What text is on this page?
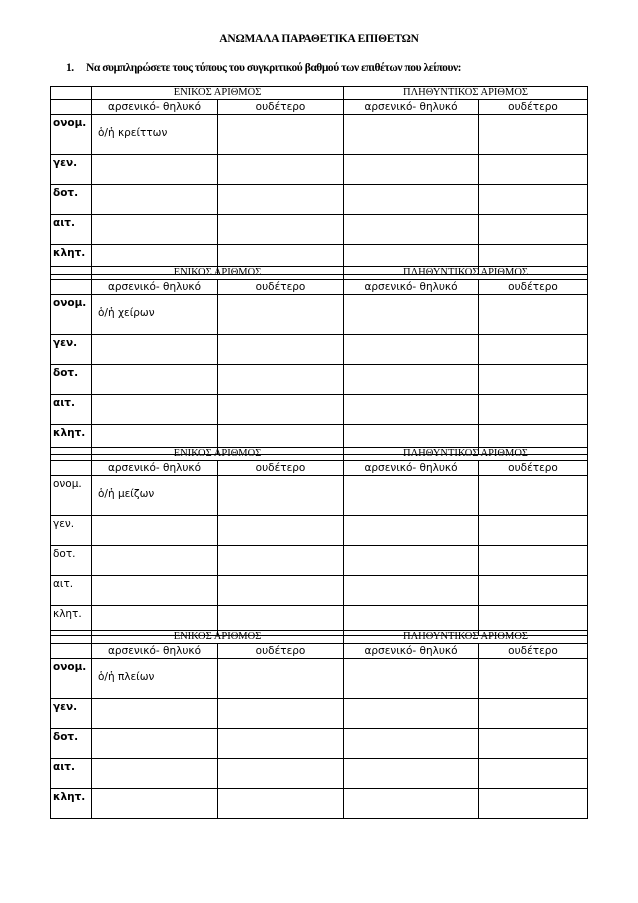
ΑΝΩΜΑΛΑ ΠΑΡΑΘΕΤΙΚΑ ΕΠΙΘΕΤΩΝ
1. Να συμπληρώσετε τους τύπους του συγκριτικού βαθμού των επιθέτων που λείπουν:
	ΕΝΙΚΟΣ ΑΡΙΘΜΟΣ		ΠΛΗΘΥΝΤΙΚΟΣ ΑΡΙΘΜΟΣ	
	αρσενικό- θηλυκό	ουδέτερο	αρσενικό- θηλυκό	ουδέτερο
ονομ.	ὁ/ἡ κρείττων			
γεν.				
δοτ.				
αιτ.				
κλητ.				
	ΕΝΙΚΟΣ ΑΡΙΘΜΟΣ		ΠΛΗΘΥΝΤΙΚΟΣ ΑΡΙΘΜΟΣ	
	αρσενικό- θηλυκό	ουδέτερο	αρσενικό- θηλυκό	ουδέτερο
ονομ.	ὁ/ἡ χείρων			
γεν.				
δοτ.				
αιτ.				
κλητ.				
	ΕΝΙΚΟΣ ΑΡΙΘΜΟΣ		ΠΛΗΘΥΝΤΙΚΟΣ ΑΡΙΘΜΟΣ	
	αρσενικό- θηλυκό	ουδέτερο	αρσενικό- θηλυκό	ουδέτερο
ονομ.	ὁ/ἡ μείζων			
γεν.				
δοτ.				
αιτ.				
κλητ.				
	ΕΝΙΚΟΣ ΑΡΙΘΜΟΣ		ΠΛΗΘΥΝΤΙΚΟΣ ΑΡΙΘΜΟΣ	
	αρσενικό- θηλυκό	ουδέτερο	αρσενικό- θηλυκό	ουδέτερο
ονομ.	ὁ/ἡ πλείων			
γεν.				
δοτ.				
αιτ.				
κλητ.				
